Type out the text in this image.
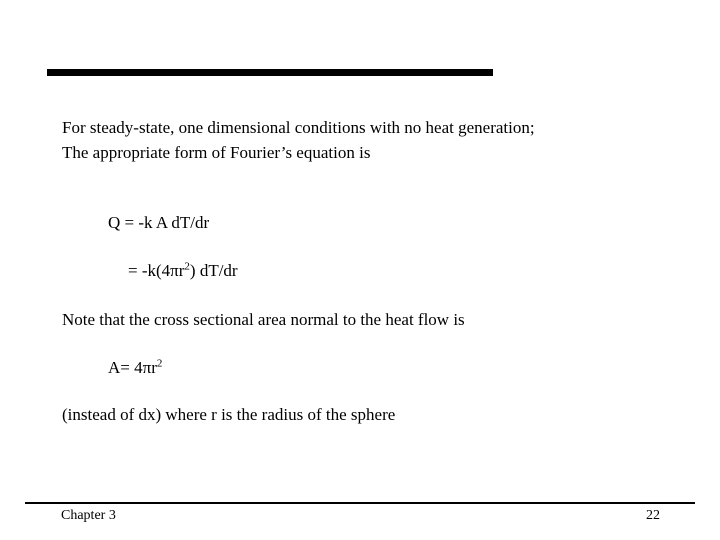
For steady-state, one dimensional conditions with no heat generation;
The appropriate form of Fourier’s equation is
Q = -k A dT/dr
= $-k(4\pi r^2)$ dT/dr
Note that the cross sectional area normal to the heat flow is
$A= 4\pi r^2$
(instead of dx) where r is the radius of the sphere
Chapter 3	22
